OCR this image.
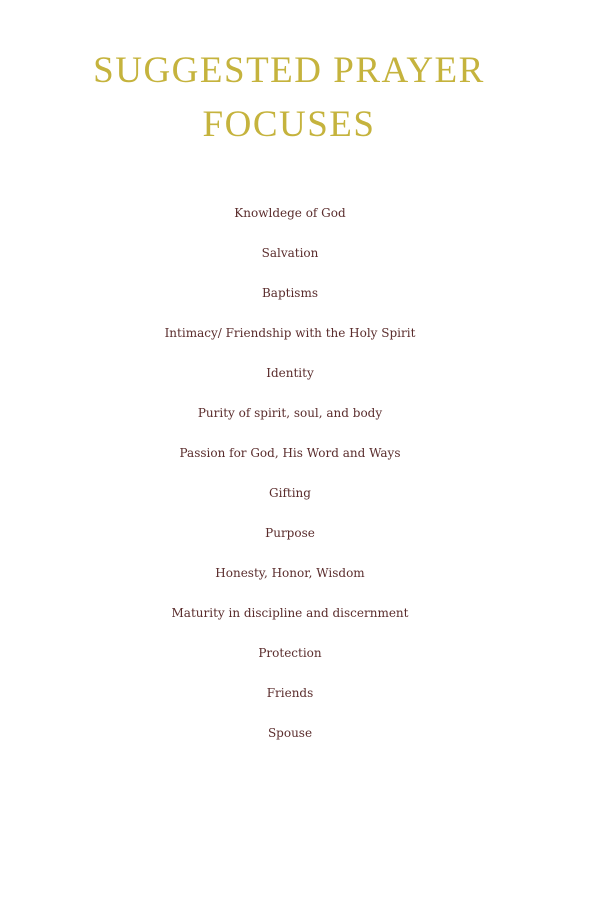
SUGGESTED PRAYER
FOCUSES
Knowldege of God
Salvation
Baptisms
Intimacy/ Friendship with the Holy Spirit
Identity
Purity of spirit, soul, and body
Passion for God, His Word and Ways
Gifting
Purpose
Honesty, Honor, Wisdom
Maturity in discipline and discernment
Protection
Friends
Spouse
